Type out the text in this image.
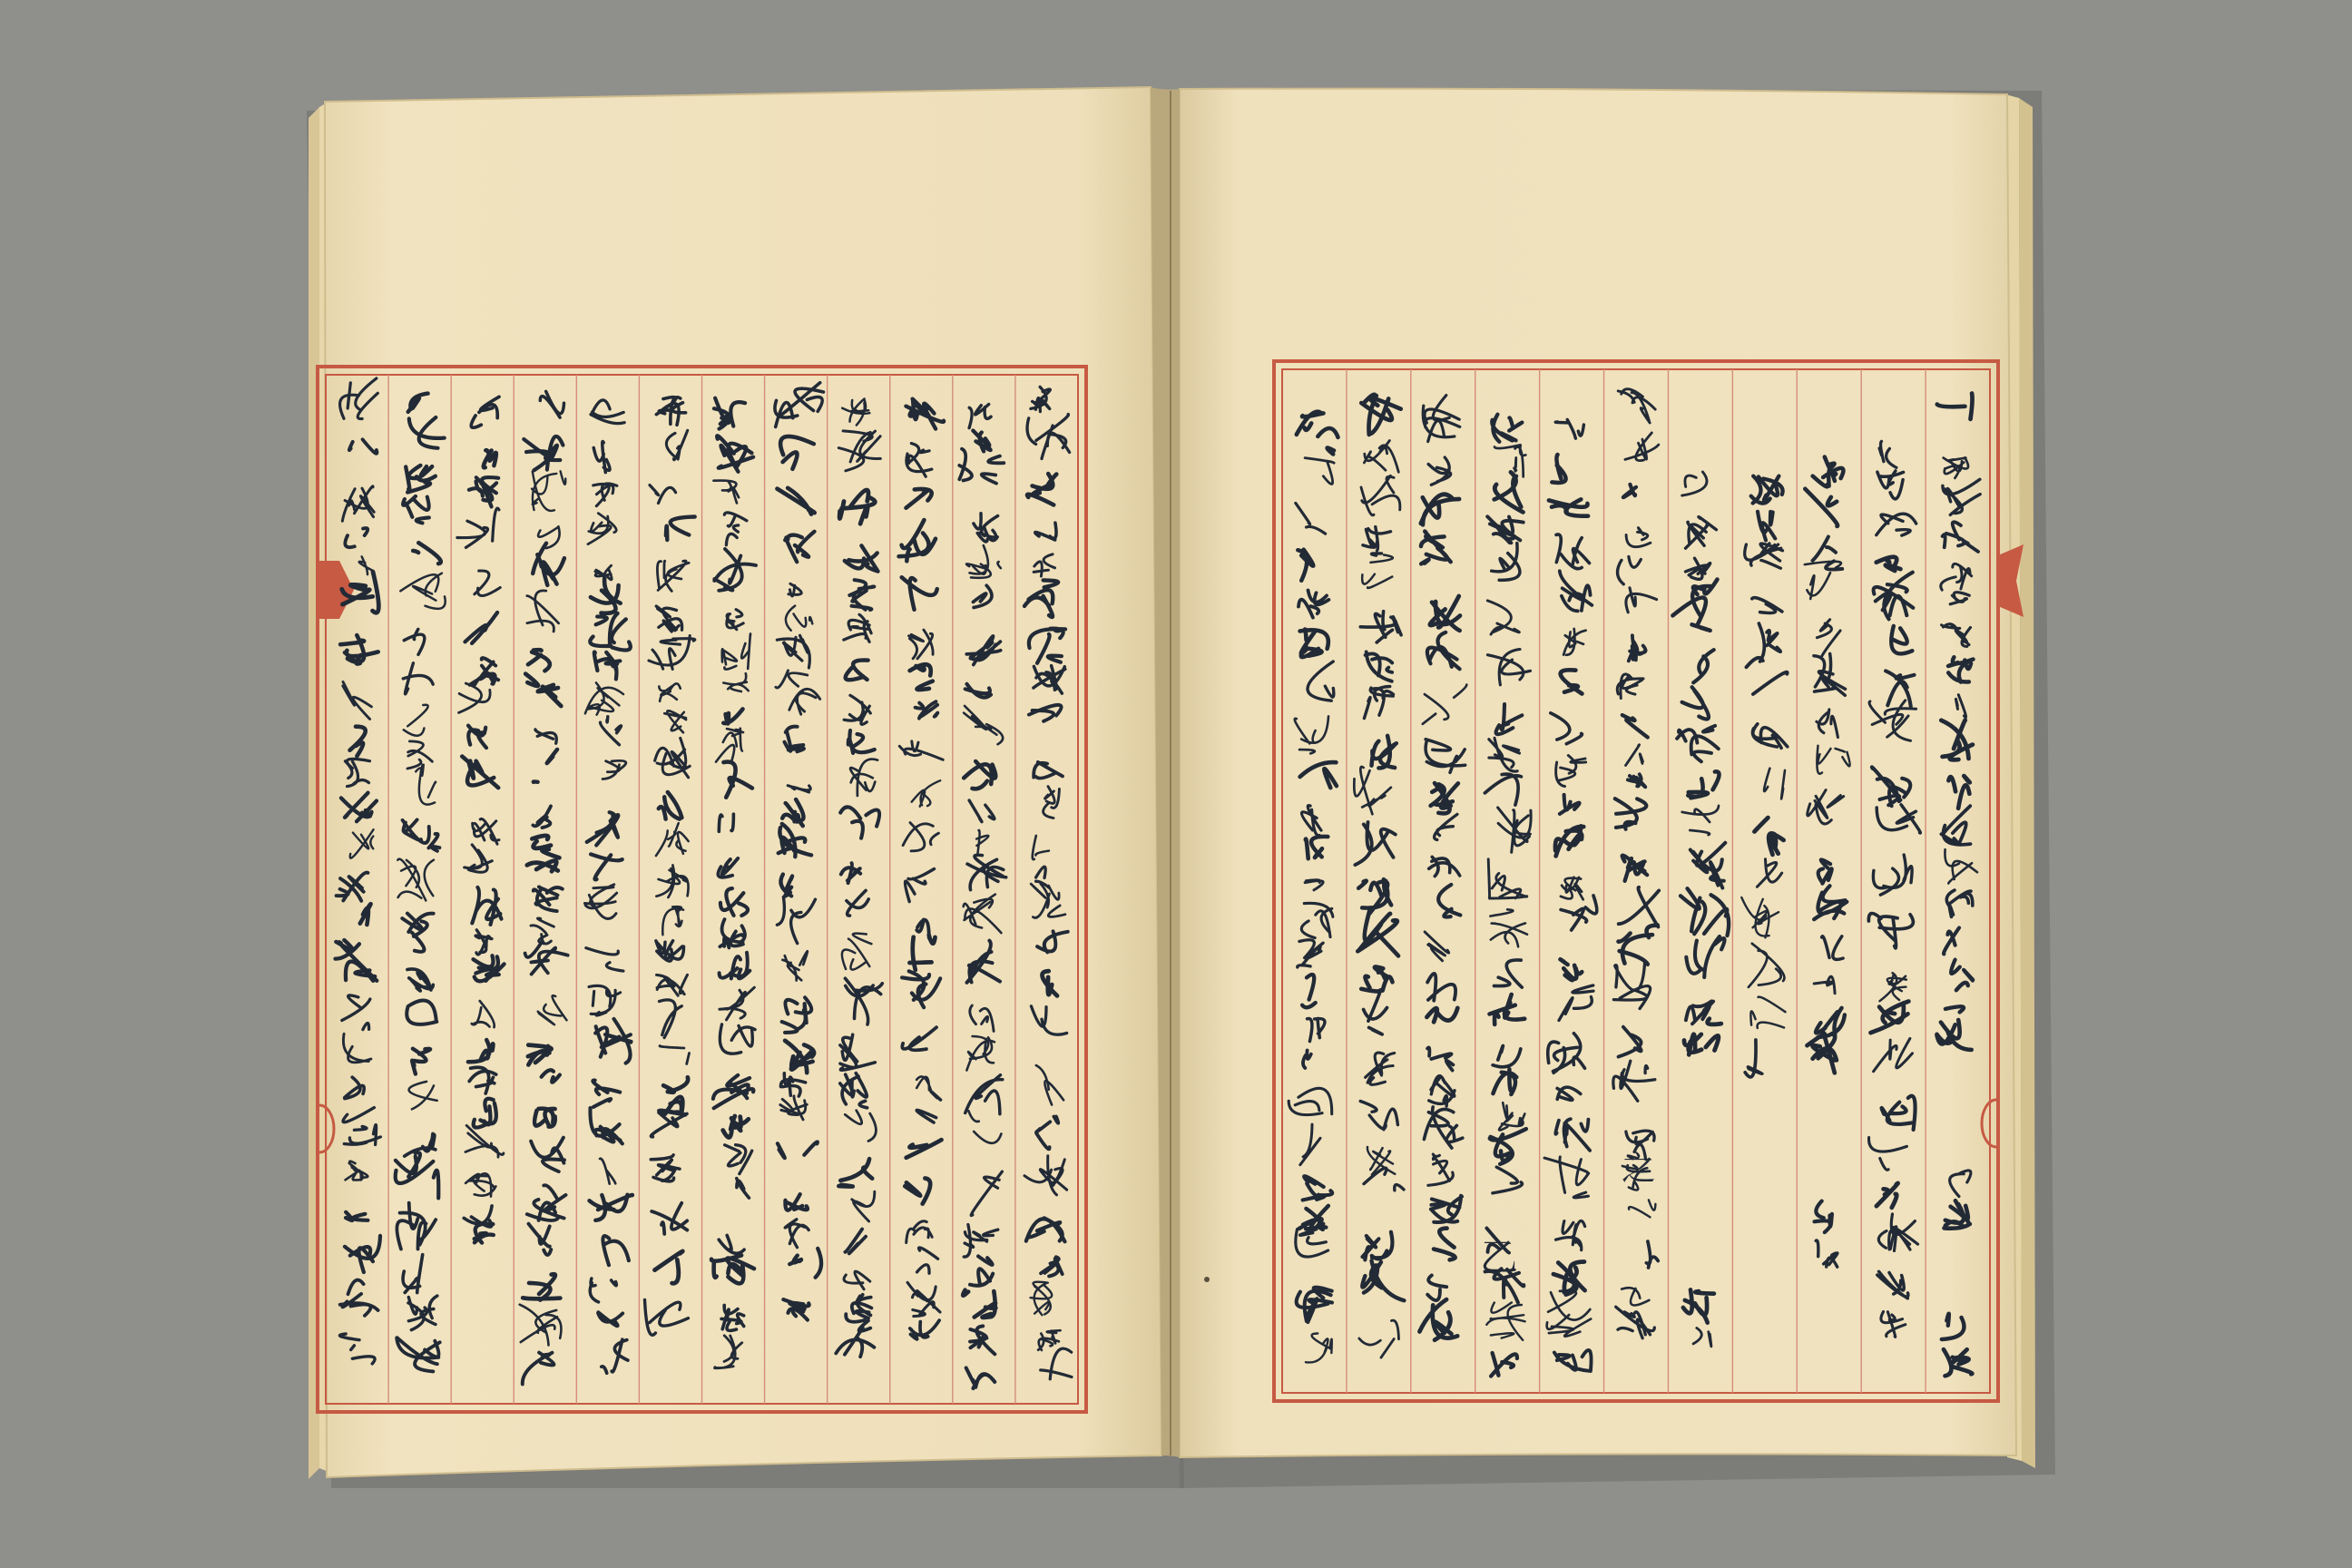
乙
之
